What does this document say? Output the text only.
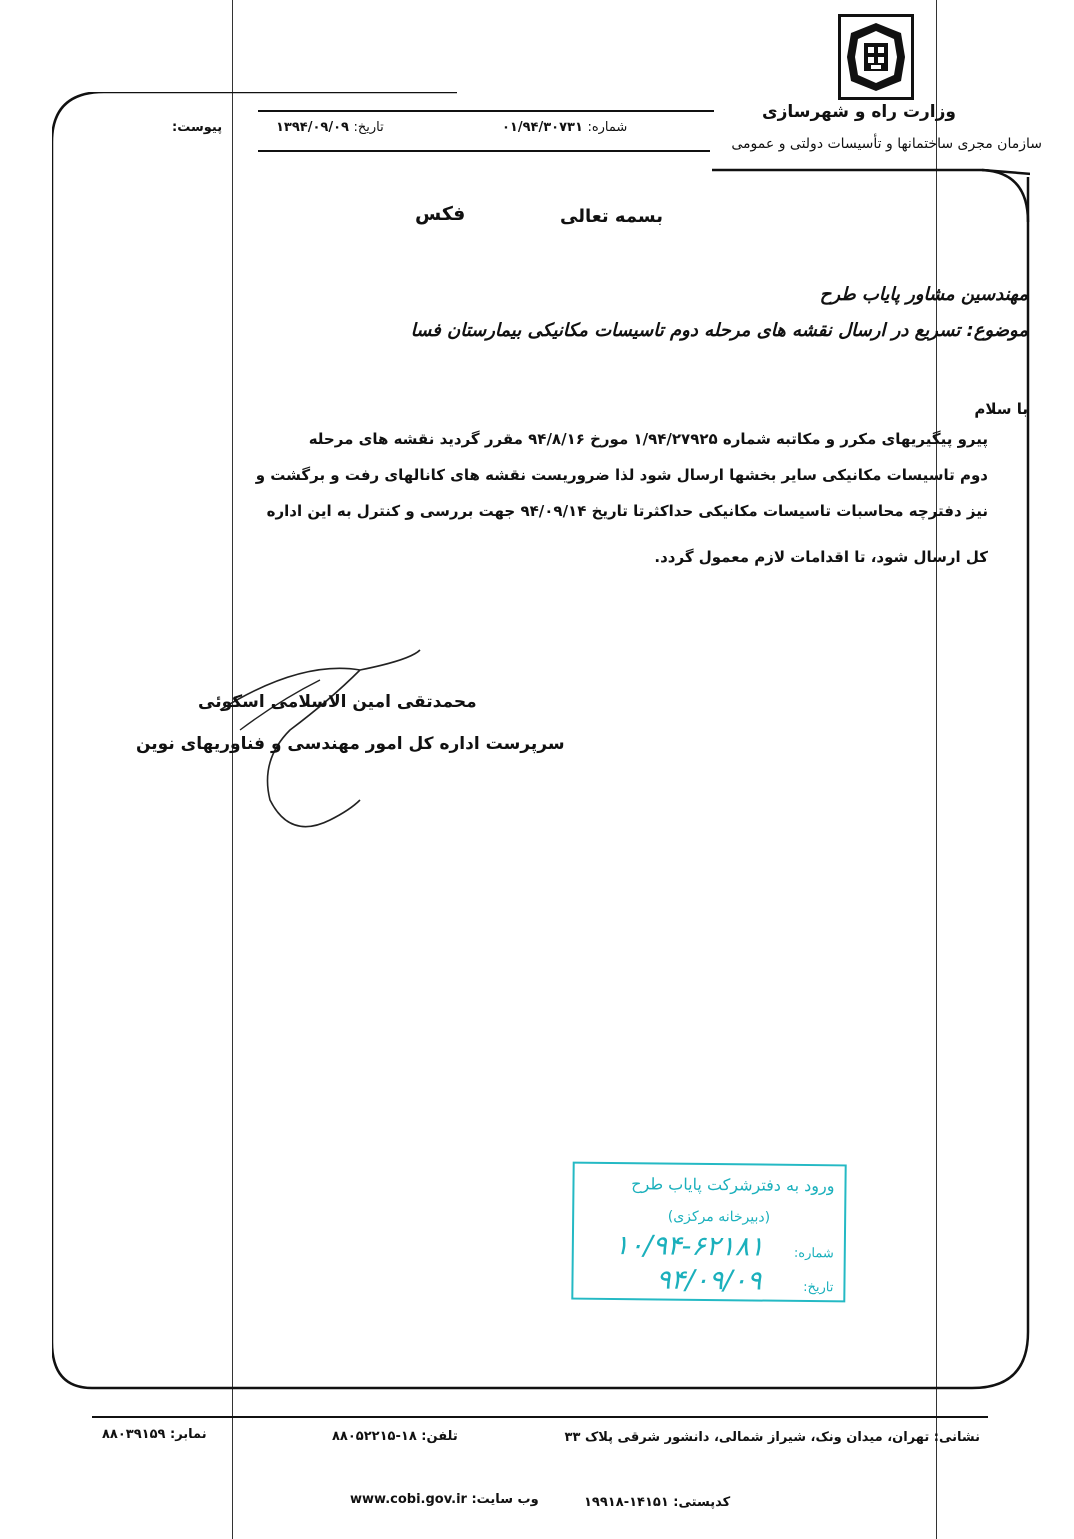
وزارت راه و شهرسازی
سازمان مجری ساختمانها و تأسیسات دولتی و عمومی
شماره: ۰۱/۹۴/۳۰۷۳۱
تاریخ: ۱۳۹۴/۰۹/۰۹
پیوست:
بسمه تعالی
فکس
مهندسین مشاور پایاب طرح
موضوع: تسریع در ارسال نقشه های مرحله دوم تاسیسات مکانیکی بیمارستان فسا
با سلام
پیرو پیگیریهای مکرر و مکاتبه شماره ۱/۹۴/۲۷۹۲۵ مورخ ۹۴/۸/۱۶ مقرر گردید نقشه های مرحله
دوم تاسیسات مکانیکی سایر بخشها ارسال شود لذا ضروریست نقشه های کانالهای رفت و برگشت و
نیز دفترچه محاسبات تاسیسات مکانیکی حداکثرتا تاریخ ۹۴/۰۹/۱۴ جهت بررسی و کنترل به این اداره
کل ارسال شود، تا اقدامات لازم معمول گردد.
محمدتقی امین الاسلامی اسکوئی
سرپرست اداره کل امور مهندسی و فناوریهای نوین
ورود به دفترشرکت پایاب طرح
(دبیرخانه مرکزی)
شماره:
۱۰/۹۴-۶۲۱۸۱
تاریخ:
۹۴/۰۹/۰۹
نشانی: تهران، میدان ونک، شیراز شمالی، دانشور شرقی پلاک ۳۳
تلفن: ۱۸-۸۸۰۵۲۲۱۵
نمابر: ۸۸۰۳۹۱۵۹
کدپستی: ۱۴۱۵۱-۱۹۹۱۸
www.cobi.gov.ir وب سایت:
